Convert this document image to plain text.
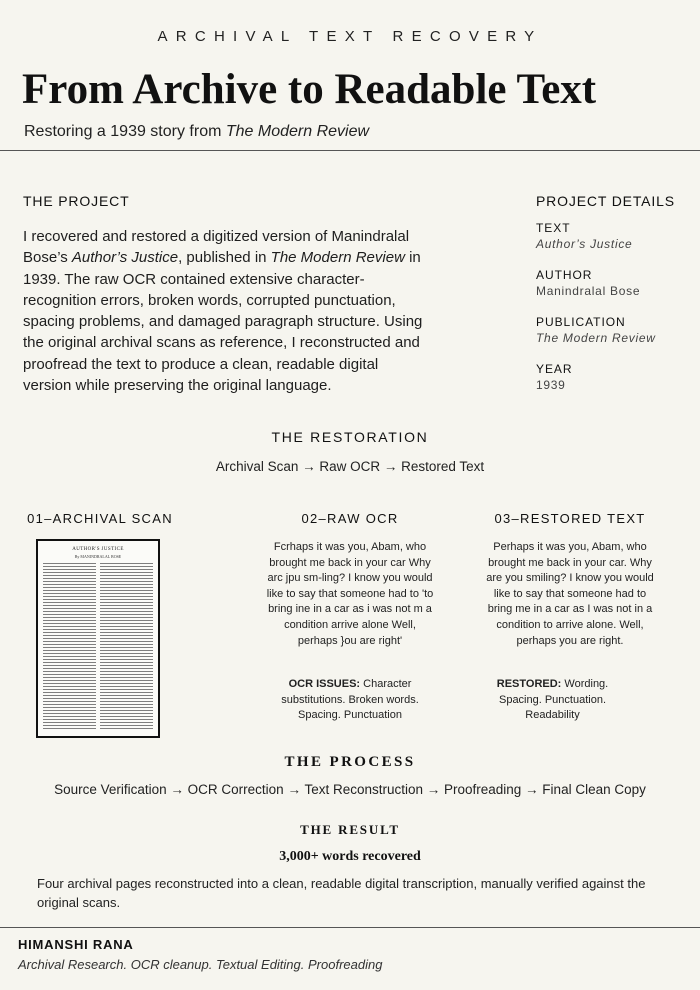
ARCHIVAL TEXT RECOVERY
From Archive to Readable Text
Restoring a 1939 story from The Modern Review
THE PROJECT
I recovered and restored a digitized version of Manindralal Bose’s Author’s Justice, published in The Modern Review in 1939. The raw OCR contained extensive character-recognition errors, broken words, corrupted punctuation, spacing problems, and damaged paragraph structure. Using the original archival scans as reference, I reconstructed and proofread the text to produce a clean, readable digital version while preserving the original language.
PROJECT DETAILS
TEXT
Author’s Justice
AUTHOR
Manindralal Bose
PUBLICATION
The Modern Review
YEAR
1939
THE RESTORATION
Archival Scan → Raw OCR → Restored Text
01–ARCHIVAL SCAN	02–RAW OCR	03–RESTORED TEXT
AUTHOR'S JUSTICE
By MANINDRALAL BOSE
Fcrhaps it was you, Abam, who brought me back in your car Why arc jpu sm-ling? I know you would like to say that someone had to 'to bring ine in a car as i was not m a condition arrive alone Well, perhaps }ou are right'
Perhaps it was you, Abam, who brought me back in your car. Why are you smiling? I know you would like to say that someone had to bring me in a car as I was not in a condition to arrive alone. Well, perhaps you are right.
OCR ISSUES: Character substitutions. Broken words. Spacing. Punctuation
RESTORED: Wording. Spacing. Punctuation. Readability
THE PROCESS
Source Verification → OCR Correction → Text Reconstruction → Proofreading → Final Clean Copy
THE RESULT
3,000+ words recovered
Four archival pages reconstructed into a clean, readable digital transcription, manually verified against the original scans.
HIMANSHI RANA
Archival Research. OCR cleanup. Textual Editing. Proofreading
